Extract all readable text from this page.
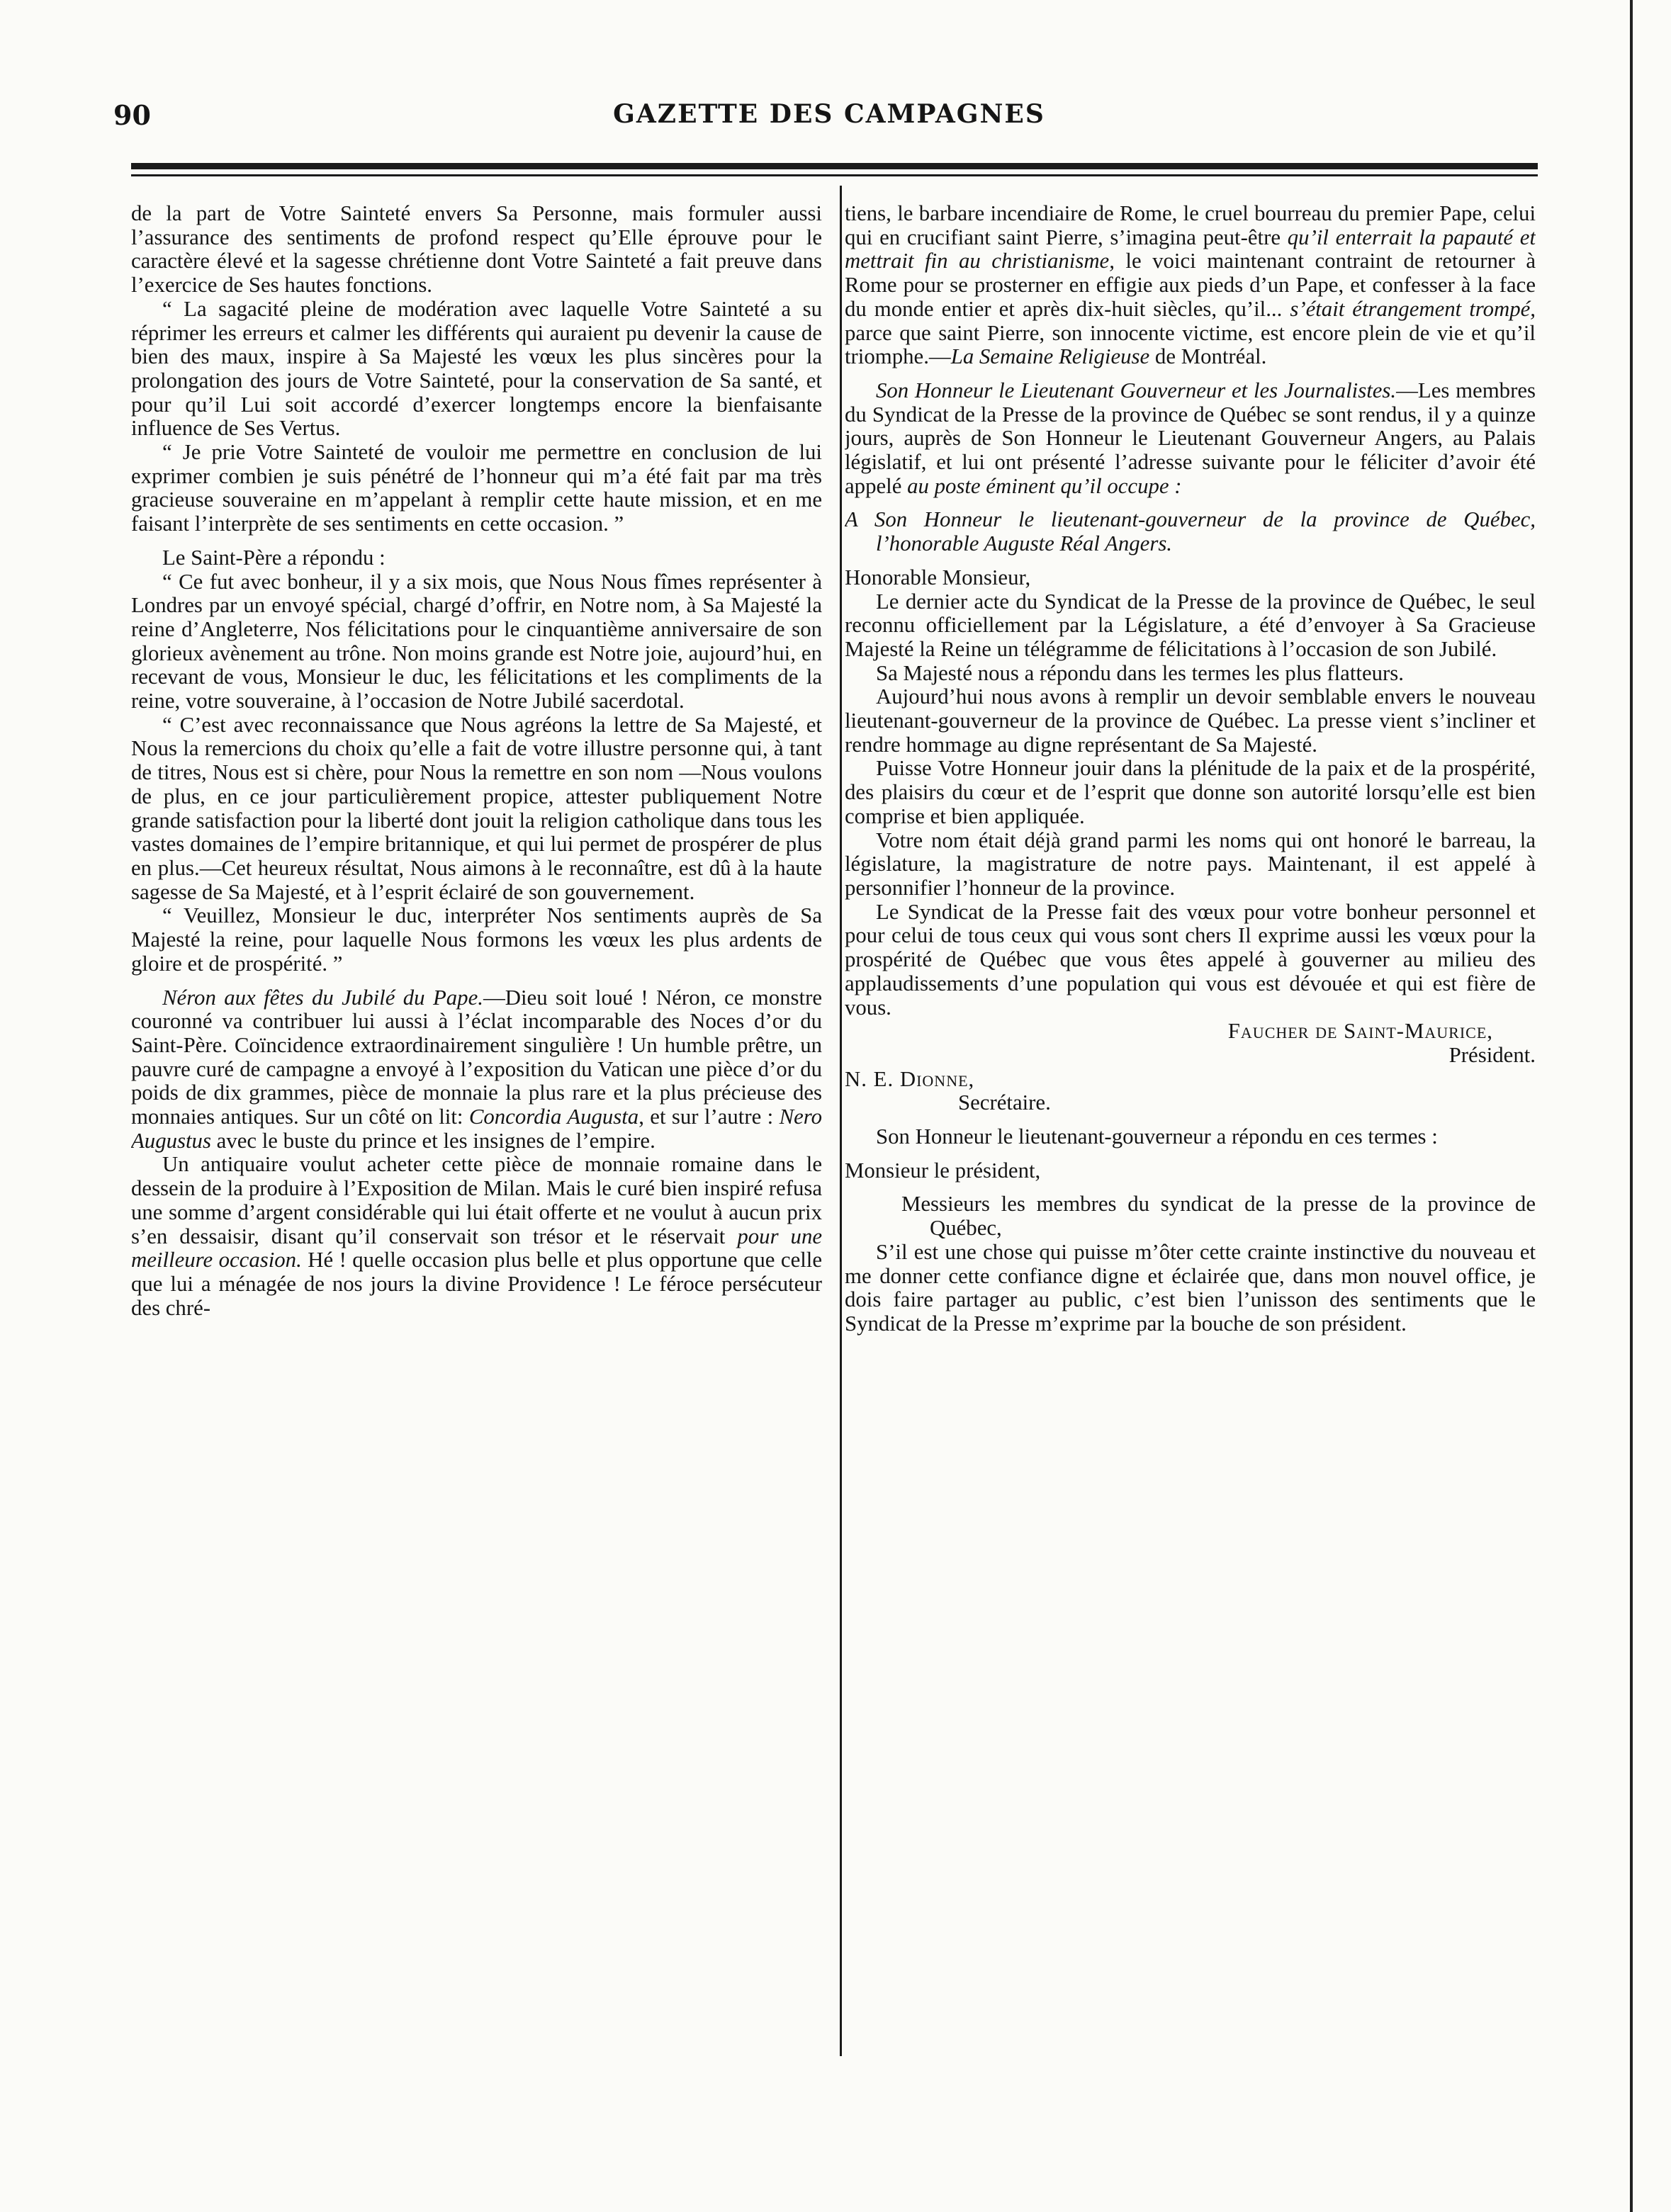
90	GAZETTE DES CAMPAGNES

de la part de Votre Sainteté envers Sa Personne, mais formuler aussi l’assurance des sentiments de profond respect qu’Elle éprouve pour le caractère élevé et la sagesse chrétienne dont Votre Sainteté a fait preuve dans l’exercice de Ses hautes fonctions.

“ La sagacité pleine de modération avec laquelle Votre Sainteté a su réprimer les erreurs et calmer les différents qui auraient pu devenir la cause de bien des maux, inspire à Sa Majesté les vœux les plus sincères pour la prolongation des jours de Votre Sainteté, pour la conservation de Sa santé, et pour qu’il Lui soit accordé d’exercer longtemps encore la bienfaisante influence de Ses Vertus.

“ Je prie Votre Sainteté de vouloir me permettre en conclusion de lui exprimer combien je suis pénétré de l’honneur qui m’a été fait par ma très gracieuse souveraine en m’appelant à remplir cette haute mission, et en me faisant l’interprète de ses sentiments en cette occasion. ”

Le Saint-Père a répondu :

“ Ce fut avec bonheur, il y a six mois, que Nous Nous fîmes représenter à Londres par un envoyé spécial, chargé d’offrir, en Notre nom, à Sa Majesté la reine d’Angleterre, Nos félicitations pour le cinquantième anniversaire de son glorieux avènement au trône. Non moins grande est Notre joie, aujourd’hui, en recevant de vous, Monsieur le duc, les félicitations et les compliments de la reine, votre souveraine, à l’occasion de Notre Jubilé sacerdotal.

“ C’est avec reconnaissance que Nous agréons la lettre de Sa Majesté, et Nous la remercions du choix qu’elle a fait de votre illustre personne qui, à tant de titres, Nous est si chère, pour Nous la remettre en son nom —Nous voulons de plus, en ce jour particulièrement propice, attester publiquement Notre grande satisfaction pour la liberté dont jouit la religion catholique dans tous les vastes domaines de l’empire britannique, et qui lui permet de prospérer de plus en plus.—Cet heureux résultat, Nous aimons à le reconnaître, est dû à la haute sagesse de Sa Majesté, et à l’esprit éclairé de son gouvernement.

“ Veuillez, Monsieur le duc, interpréter Nos sentiments auprès de Sa Majesté la reine, pour laquelle Nous formons les vœux les plus ardents de gloire et de prospérité. ”

Néron aux fêtes du Jubilé du Pape.—Dieu soit loué ! Néron, ce monstre couronné va contribuer lui aussi à l’éclat incomparable des Noces d’or du Saint-Père. Coïncidence extraordinairement singulière ! Un humble prêtre, un pauvre curé de campagne a envoyé à l’exposition du Vatican une pièce d’or du poids de dix grammes, pièce de monnaie la plus rare et la plus précieuse des monnaies antiques. Sur un côté on lit: Concordia Augusta, et sur l’autre : Nero Augustus avec le buste du prince et les insignes de l’empire.

Un antiquaire voulut acheter cette pièce de monnaie romaine dans le dessein de la produire à l’Exposition de Milan. Mais le curé bien inspiré refusa une somme d’argent considérable qui lui était offerte et ne voulut à aucun prix s’en dessaisir, disant qu’il conservait son trésor et le réservait pour une meilleure occasion. Hé ! quelle occasion plus belle et plus opportune que celle que lui a ménagée de nos jours la divine Providence ! Le féroce persécuteur des chré-

tiens, le barbare incendiaire de Rome, le cruel bourreau du premier Pape, celui qui en crucifiant saint Pierre, s’imagina peut-être qu’il enterrait la papauté et mettrait fin au christianisme, le voici maintenant contraint de retourner à Rome pour se prosterner en effigie aux pieds d’un Pape, et confesser à la face du monde entier et après dix-huit siècles, qu’il... s’était étrangement trompé, parce que saint Pierre, son innocente victime, est encore plein de vie et qu’il triomphe.—La Semaine Religieuse de Montréal.

Son Honneur le Lieutenant Gouverneur et les Journalistes.—Les membres du Syndicat de la Presse de la province de Québec se sont rendus, il y a quinze jours, auprès de Son Honneur le Lieutenant Gouverneur Angers, au Palais législatif, et lui ont présenté l’adresse suivante pour le féliciter d’avoir été appelé au poste éminent qu’il occupe :

A Son Honneur le lieutenant-gouverneur de la province de Québec, l’honorable Auguste Réal Angers.

Honorable Monsieur,

Le dernier acte du Syndicat de la Presse de la province de Québec, le seul reconnu officiellement par la Législature, a été d’envoyer à Sa Gracieuse Majesté la Reine un télégramme de félicitations à l’occasion de son Jubilé.

Sa Majesté nous a répondu dans les termes les plus flatteurs.

Aujourd’hui nous avons à remplir un devoir semblable envers le nouveau lieutenant-gouverneur de la province de Québec. La presse vient s’incliner et rendre hommage au digne représentant de Sa Majesté.

Puisse Votre Honneur jouir dans la plénitude de la paix et de la prospérité, des plaisirs du cœur et de l’esprit que donne son autorité lorsqu’elle est bien comprise et bien appliquée.

Votre nom était déjà grand parmi les noms qui ont honoré le barreau, la législature, la magistrature de notre pays. Maintenant, il est appelé à personnifier l’honneur de la province.

Le Syndicat de la Presse fait des vœux pour votre bonheur personnel et pour celui de tous ceux qui vous sont chers Il exprime aussi les vœux pour la prospérité de Québec que vous êtes appelé à gouverner au milieu des applaudissements d’une population qui vous est dévouée et qui est fière de vous.

Faucher de Saint-Maurice,

Président.

N. E. Dionne,

Secrétaire.

Son Honneur le lieutenant-gouverneur a répondu en ces termes :

Monsieur le président,

Messieurs les membres du syndicat de la presse de la province de Québec,

S’il est une chose qui puisse m’ôter cette crainte instinctive du nouveau et me donner cette confiance digne et éclairée que, dans mon nouvel office, je dois faire partager au public, c’est bien l’unisson des sentiments que le Syndicat de la Presse m’exprime par la bouche de son président.
